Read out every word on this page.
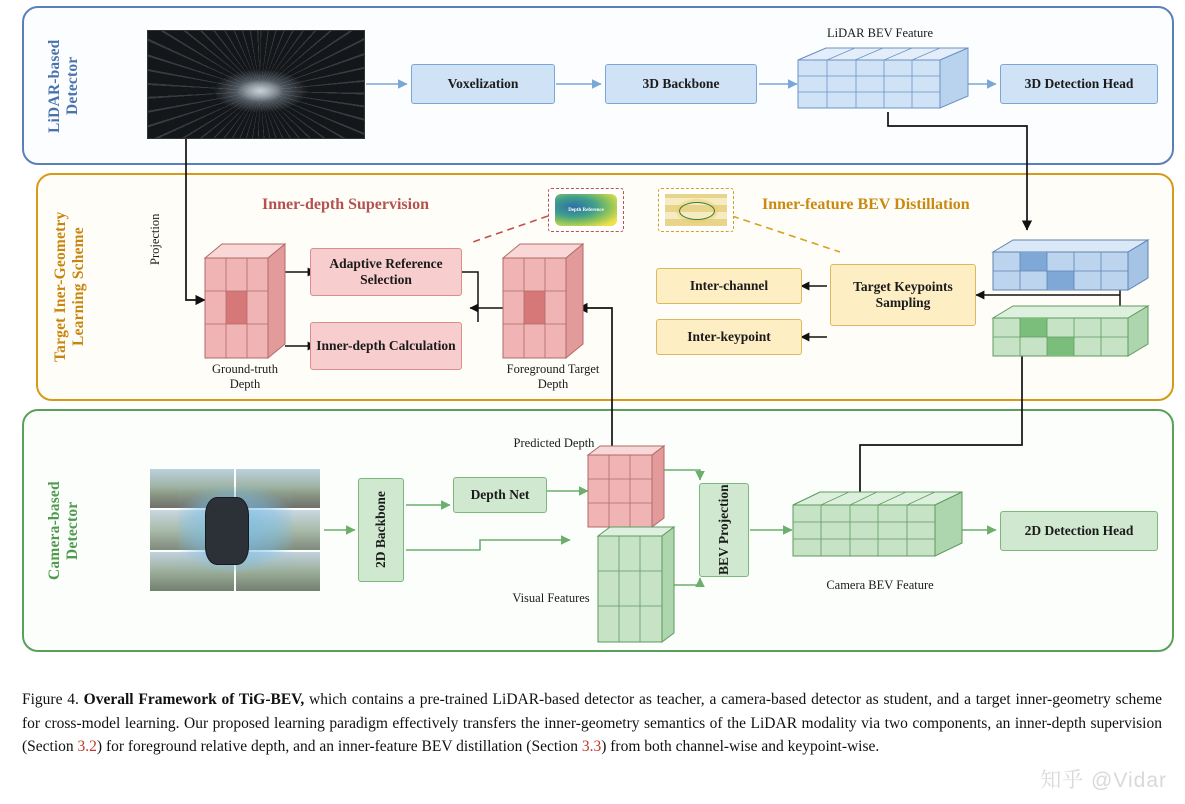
LiDAR-based
Detector
Target Iner-Geometry
Learning Scheme
Camera-based
Detector
Voxelization	3D Backbone	3D Detection Head
LiDAR BEV Feature
Inner-depth Supervision	Inner-feature BEV Distillation
Adaptive Reference Selection
Inner-depth Calculation
Inter-channel
Inter-keypoint
Target Keypoints Sampling
Ground-truth
Depth
Foreground Target
Depth
Projection
Depth Reference
2D Backbone	Depth Net	BEV Projection	2D Detection Head
Predicted Depth
Visual Features
Camera BEV Feature
Figure 4. Overall Framework of TiG-BEV, which contains a pre-trained LiDAR-based detector as teacher, a camera-based detector as student, and a target inner-geometry scheme for cross-model learning. Our proposed learning paradigm effectively transfers the inner-geometry semantics of the LiDAR modality via two components, an inner-depth supervision (Section 3.2) for foreground relative depth, and an inner-feature BEV distillation (Section 3.3) from both channel-wise and keypoint-wise.
知乎 @Vidar
